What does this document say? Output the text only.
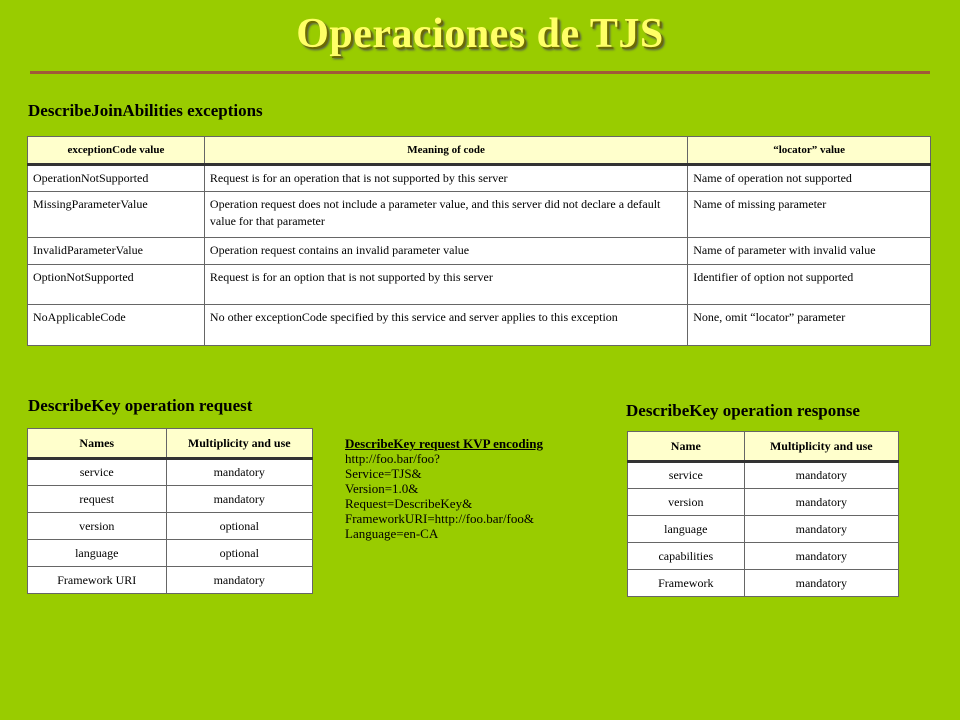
Operaciones de TJS
DescribeJoinAbilities exceptions
exceptionCode value	Meaning of code	“locator” value
OperationNotSupported	Request is for an operation that is not supported by this server	Name of operation not supported
MissingParameterValue	Operation request does not include a parameter value, and this server did not declare a default value for that parameter	Name of missing parameter
InvalidParameterValue	Operation request contains an invalid parameter value	Name of parameter with invalid value
OptionNotSupported	Request is for an option that is not supported by this server	Identifier of option not supported
NoApplicableCode	No other exceptionCode specified by this service and server applies to this exception	None, omit “locator” parameter
DescribeKey operation request	DescribeKey operation response
Names	Multiplicity and use
service	mandatory
request	mandatory
version	optional
language	optional
Framework URI	mandatory
DescribeKey request KVP encoding
http://foo.bar/foo?
Service=TJS&
Version=1.0&
Request=DescribeKey&
FrameworkURI=http://foo.bar/foo&
Language=en-CA
Name	Multiplicity and use
service	mandatory
version	mandatory
language	mandatory
capabilities	mandatory
Framework	mandatory
